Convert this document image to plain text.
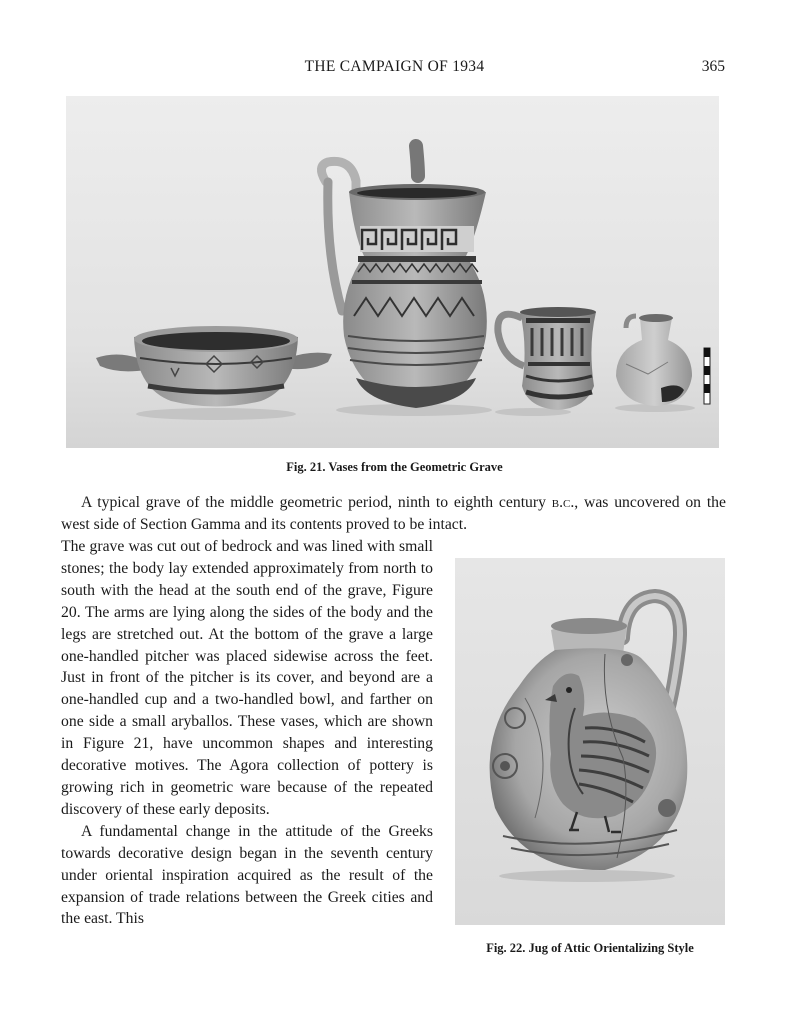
THE CAMPAIGN OF 1934	365
Fig. 21. Vases from the Geometric Grave

A typical grave of the middle geometric period, ninth to eighth century b.c., was uncovered on the west side of Section Gamma and its contents proved to be intact.

The grave was cut out of bedrock and was lined with small stones; the body lay extended approximately from north to south with the head at the south end of the grave, Figure 20. The arms are lying along the sides of the body and the legs are stretched out. At the bottom of the grave a large one-handled pitcher was placed sidewise across the feet. Just in front of the pitcher is its cover, and beyond are a one-handled cup and a two-handled bowl, and farther on one side a small aryballos. These vases, which are shown in Figure 21, have uncommon shapes and interesting decorative motives. The Agora collection of pottery is growing rich in geometric ware because of the repeated discovery of these early deposits.

A fundamental change in the attitude of the Greeks towards decorative design began in the seventh century under oriental inspiration acquired as the result of the expansion of trade relations between the Greek cities and the east. This

Fig. 22. Jug of Attic Orientalizing Style
